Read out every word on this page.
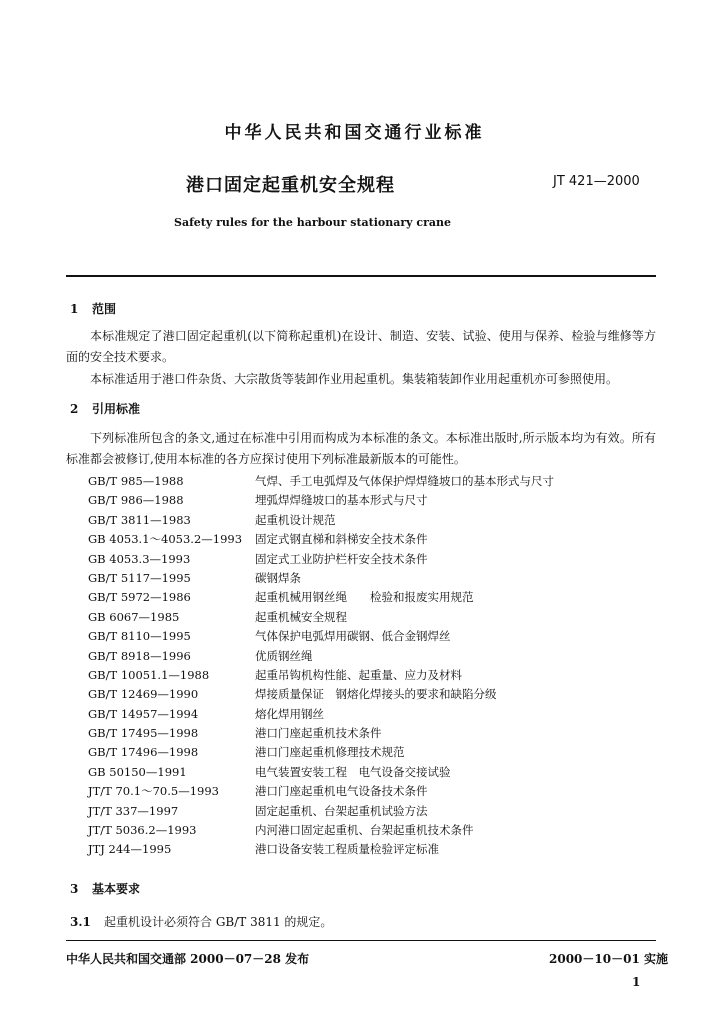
中华人民共和国交通行业标准
港口固定起重机安全规程	JT 421—2000
Safety rules for the harbour stationary crane
1 范围
本标准规定了港口固定起重机(以下简称起重机)在设计、制造、安装、试验、使用与保养、检验与维修等方面的安全技术要求。
本标准适用于港口件杂货、大宗散货等装卸作业用起重机。集装箱装卸作业用起重机亦可参照使用。
2 引用标准
下列标准所包含的条文,通过在标准中引用而构成为本标准的条文。本标准出版时,所示版本均为有效。所有标准都会被修订,使用本标准的各方应探讨使用下列标准最新版本的可能性。
GB/T 985—1988	气焊、手工电弧焊及气体保护焊焊缝坡口的基本形式与尺寸
GB/T 986—1988	埋弧焊焊缝坡口的基本形式与尺寸
GB/T 3811—1983	起重机设计规范
GB 4053.1～4053.2—1993 固定式钢直梯和斜梯安全技术条件
GB 4053.3—1993	固定式工业防护栏杆安全技术条件
GB/T 5117—1995	碳钢焊条
GB/T 5972—1986	起重机械用钢丝绳　　检验和报废实用规范
GB 6067—1985	起重机械安全规程
GB/T 8110—1995	气体保护电弧焊用碳钢、低合金钢焊丝
GB/T 8918—1996	优质钢丝绳
GB/T 10051.1—1988	起重吊钩机构性能、起重量、应力及材料
GB/T 12469—1990	焊接质量保证　钢熔化焊接头的要求和缺陷分级
GB/T 14957—1994	熔化焊用钢丝
GB/T 17495—1998	港口门座起重机技术条件
GB/T 17496—1998	港口门座起重机修理技术规范
GB 50150—1991	电气装置安装工程　电气设备交接试验
JT/T 70.1～70.5—1993	港口门座起重机电气设备技术条件
JT/T 337—1997	固定起重机、台架起重机试验方法
JT/T 5036.2—1993	内河港口固定起重机、台架起重机技术条件
JTJ 244—1995	港口设备安装工程质量检验评定标准
3 基本要求
3.1 起重机设计必须符合 GB/T 3811 的规定。
中华人民共和国交通部 2000－07－28 发布	2000－10－01 实施
1
